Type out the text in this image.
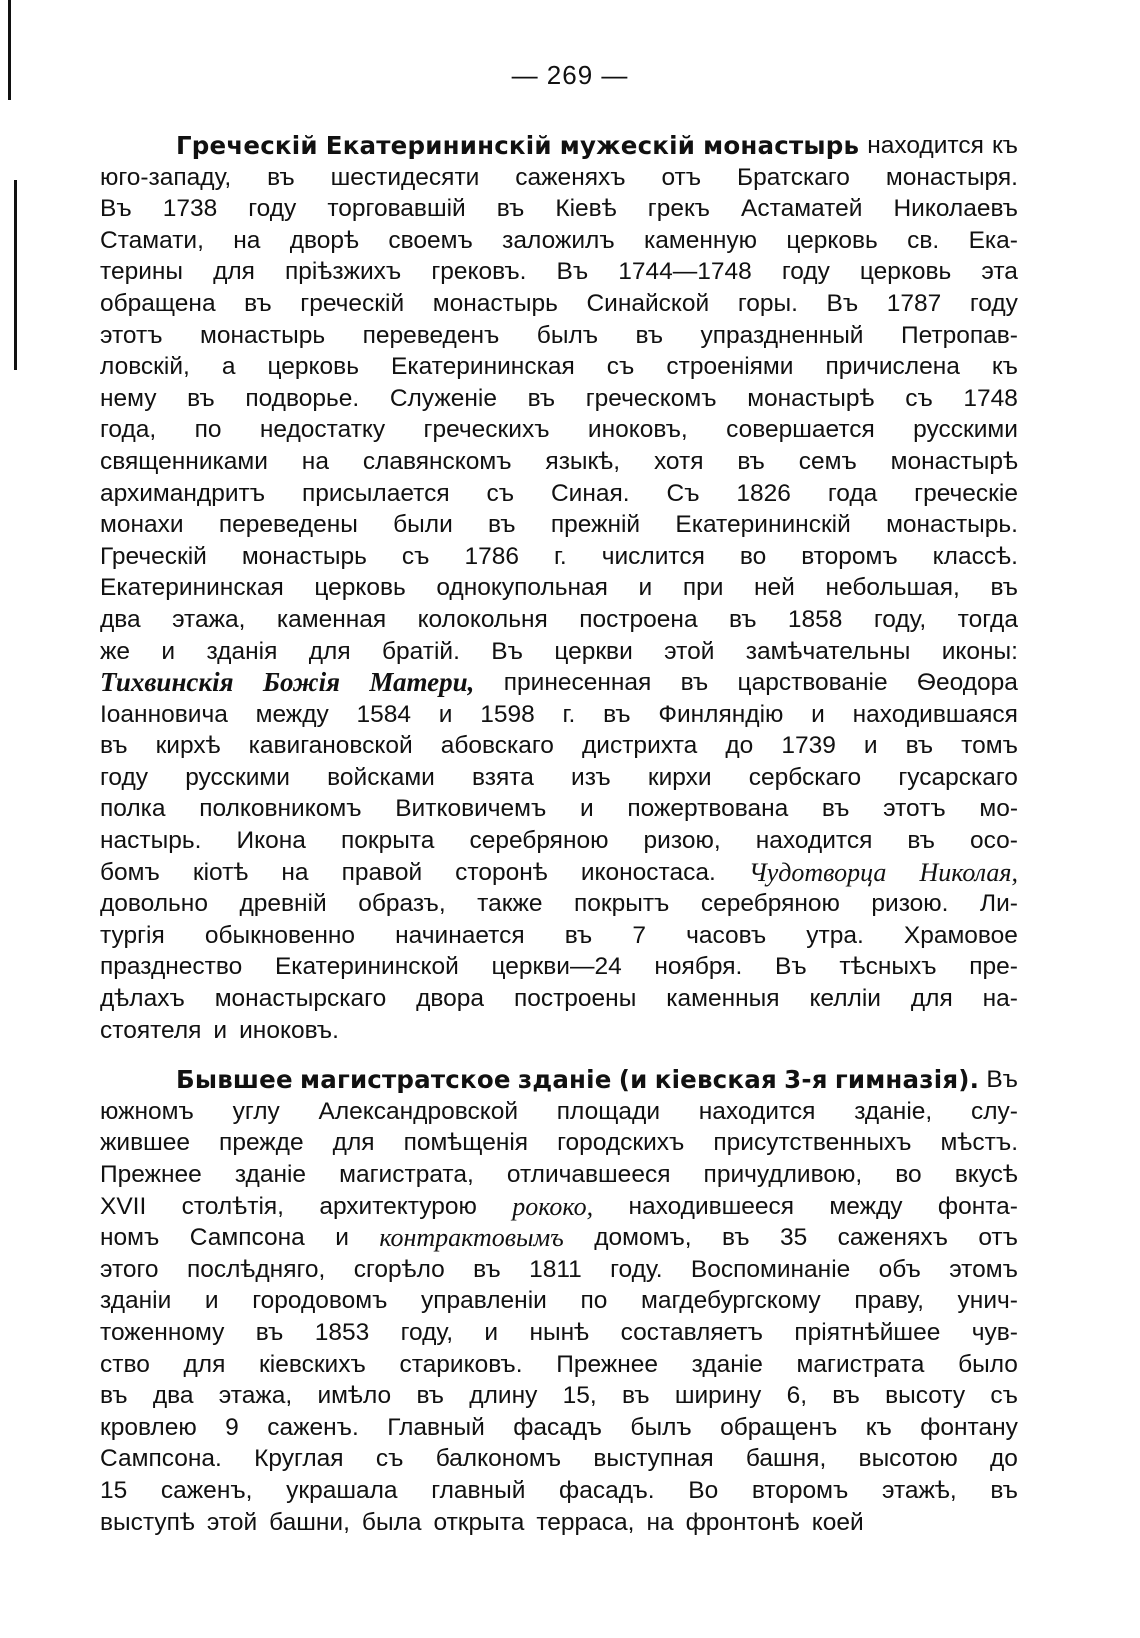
— 269 —
Греческій Екатерининскій мужескій монастырь находится къ
юго-западу, въ шестидесяти саженяхъ отъ Братскаго монастыря.
Въ 1738 году торговавшій въ Кіевѣ грекъ Астаматей Николаевъ
Стамати, на дворѣ своемъ заложилъ каменную церковь св. Ека-
терины для пріѣзжихъ грековъ. Въ 1744—1748 году церковь эта
обращена въ греческій монастырь Синайской горы. Въ 1787 году
этотъ монастырь переведенъ былъ въ упраздненный Петропав-
ловскій, а церковь Екатерининская съ строеніями причислена къ
нему въ подворье. Служеніе въ греческомъ монастырѣ съ 1748
года, по недостатку греческихъ иноковъ, совершается русскими
священниками на славянскомъ языкѣ, хотя въ семъ монастырѣ
архимандритъ присылается съ Синая. Съ 1826 года греческіе
монахи переведены были въ прежній Екатерининскій монастырь.
Греческій монастырь съ 1786 г. числится во второмъ классѣ.
Екатерининская церковь однокупольная и при ней небольшая, въ
два этажа, каменная колокольня построена въ 1858 году, тогда
же и зданія для братій. Въ церкви этой замѣчательны иконы:
Тихвинскія Божія Матери, принесенная въ царствованіе Ѳеодора
Іоанновича между 1584 и 1598 г. въ Финляндію и находившаяся
въ кирхѣ кавигановской абовскаго дистрихта до 1739 и въ томъ
году русскими войсками взята изъ кирхи сербскаго гусарскаго
полка полковникомъ Витковичемъ и пожертвована въ этотъ мо-
настырь. Икона покрыта серебряною ризою, находится въ осо-
бомъ кіотѣ на правой сторонѣ иконостаса. Чудотворца Николая,
довольно древній образъ, также покрытъ серебряною ризою. Ли-
тургія обыкновенно начинается въ 7 часовъ утра. Храмовое
празднество Екатерининской церкви—24 ноября. Въ тѣсныхъ пре-
дѣлахъ монастырскаго двора построены каменныя келліи для на-
стоятеля и иноковъ.
Бывшее магистратское зданіе (и кіевская 3-я гимназія). Въ
южномъ углу Александровской площади находится зданіе, слу-
жившее прежде для помѣщенія городскихъ присутственныхъ мѣстъ.
Прежнее зданіе магистрата, отличавшееся причудливою, во вкусѣ
XVII столѣтія, архитектурою рококо, находившееся между фонта-
номъ Сампсона и контрактовымъ домомъ, въ 35 саженяхъ отъ
этого послѣдняго, сгорѣло въ 1811 году. Воспоминаніе объ этомъ
зданіи и городовомъ управленіи по магдебургскому праву, унич-
тоженному въ 1853 году, и нынѣ составляетъ пріятнѣйшее чув-
ство для кіевскихъ стариковъ. Прежнее зданіе магистрата было
въ два этажа, имѣло въ длину 15, въ ширину 6, въ высоту съ
кровлею 9 саженъ. Главный фасадъ былъ обращенъ къ фонтану
Сампсона. Круглая съ балкономъ выступная башня, высотою до
15 саженъ, украшала главный фасадъ. Во второмъ этажѣ, въ
выступѣ этой башни, была открыта терраса, на фронтонѣ коей
